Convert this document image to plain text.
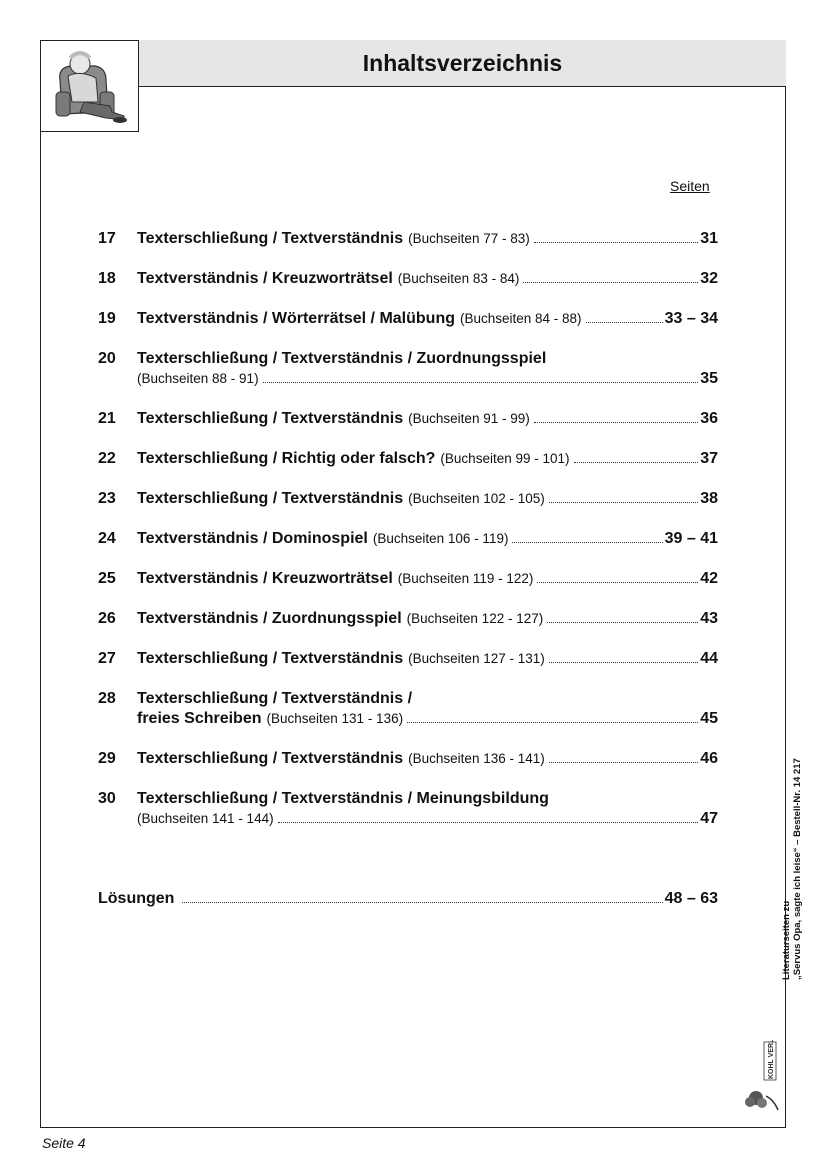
Inhaltsverzeichnis
Seiten
17	Texterschließung / Textverständnis (Buchseiten 77 - 83)	31
18	Textverständnis / Kreuzworträtsel (Buchseiten 83 - 84)	32
19	Textverständnis / Wörterrätsel / Malübung (Buchseiten 84 - 88)	33 – 34
20	Texterschließung / Textverständnis / Zuordnungsspiel
(Buchseiten 88 - 91)	35
21	Texterschließung / Textverständnis (Buchseiten 91 - 99)	36
22	Texterschließung / Richtig oder falsch? (Buchseiten 99 - 101)	37
23	Texterschließung / Textverständnis (Buchseiten 102 - 105)	38
24	Textverständnis / Dominospiel (Buchseiten 106 - 119)	39 – 41
25	Textverständnis / Kreuzworträtsel (Buchseiten 119 - 122)	42
26	Textverständnis / Zuordnungsspiel (Buchseiten 122 - 127)	43
27	Texterschließung / Textverständnis (Buchseiten 127 - 131)	44
28	Texterschließung / Textverständnis /
freies Schreiben (Buchseiten 131 - 136)	45
29	Texterschließung / Textverständnis (Buchseiten 136 - 141)	46
30	Texterschließung / Textverständnis / Meinungsbildung
(Buchseiten 141 - 144)	47
Lösungen	48 – 63
Literaturseiten zu „Servus Opa, sagte ich leise“ – Bestell-Nr. 14 217
KOHL VERLAG
Seite 4
